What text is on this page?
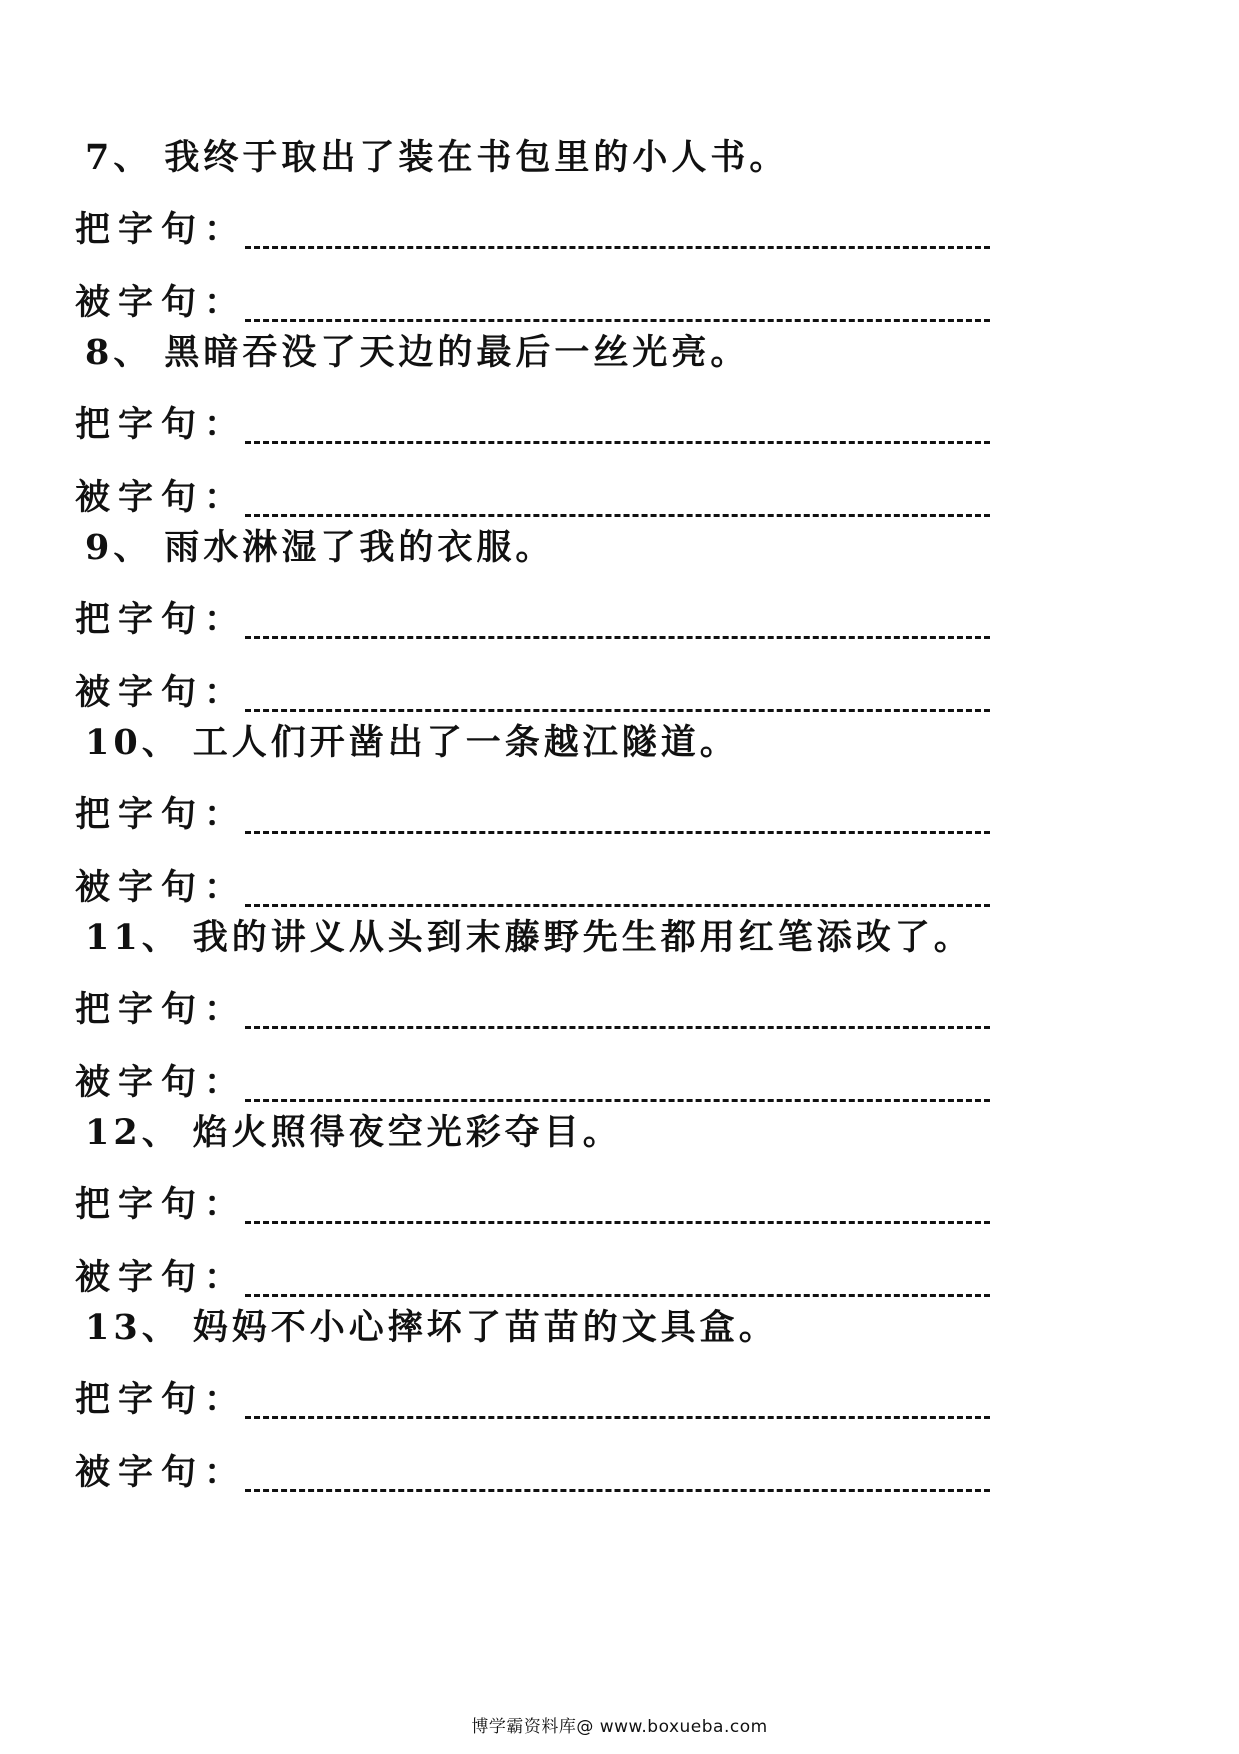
7、 我终于取出了装在书包里的小人书。
把字句：
被字句：
8、 黑暗吞没了天边的最后一丝光亮。
把字句：
被字句：
9、 雨水淋湿了我的衣服。
把字句：
被字句：
10、 工人们开凿出了一条越江隧道。
把字句：
被字句：
11、 我的讲义从头到末藤野先生都用红笔添改了。
把字句：
被字句：
12、 焰火照得夜空光彩夺目。
把字句：
被字句：
13、 妈妈不小心摔坏了苗苗的文具盒。
把字句：
被字句：
博学霸资料库@ www.boxueba.com
